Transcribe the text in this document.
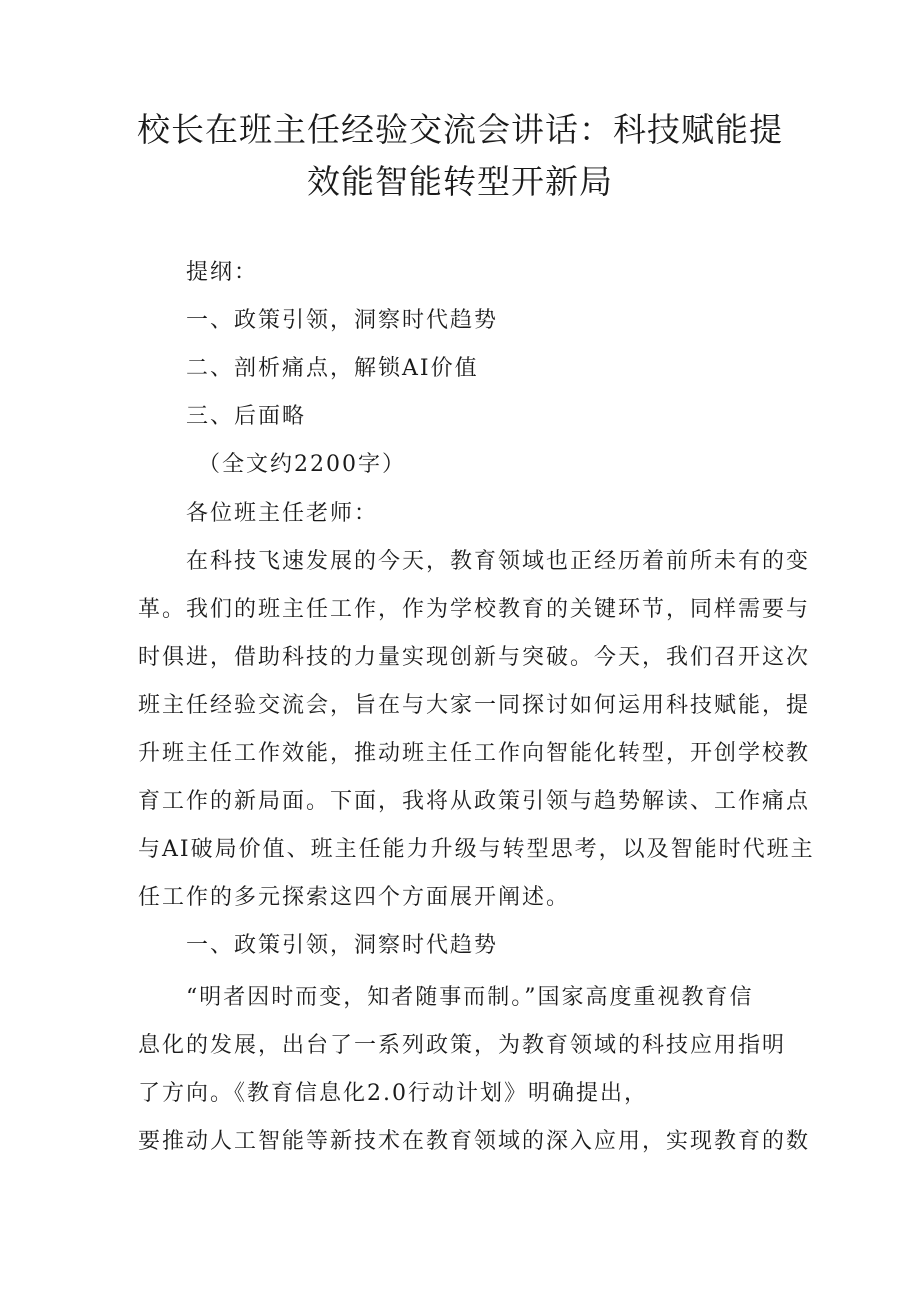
校长在班主任经验交流会讲话：科技赋能提
效能智能转型开新局
提纲：
一、政策引领，洞察时代趋势
二、剖析痛点，解锁AI价值
三、后面略
（全文约2200字）
各位班主任老师：
在科技飞速发展的今天，教育领域也正经历着前所未有的变
革。我们的班主任工作，作为学校教育的关键环节，同样需要与
时俱进，借助科技的力量实现创新与突破。今天，我们召开这次
班主任经验交流会，旨在与大家一同探讨如何运用科技赋能，提
升班主任工作效能，推动班主任工作向智能化转型，开创学校教
育工作的新局面。下面，我将从政策引领与趋势解读、工作痛点
与AI破局价值、班主任能力升级与转型思考，以及智能时代班主
任工作的多元探索这四个方面展开阐述。
一、政策引领，洞察时代趋势
“明者因时而变，知者随事而制。”国家高度重视教育信
息化的发展，出台了一系列政策，为教育领域的科技应用指明
了方向。《教育信息化2.0行动计划》明确提出，
要推动人工智能等新技术在教育领域的深入应用，实现教育的数
